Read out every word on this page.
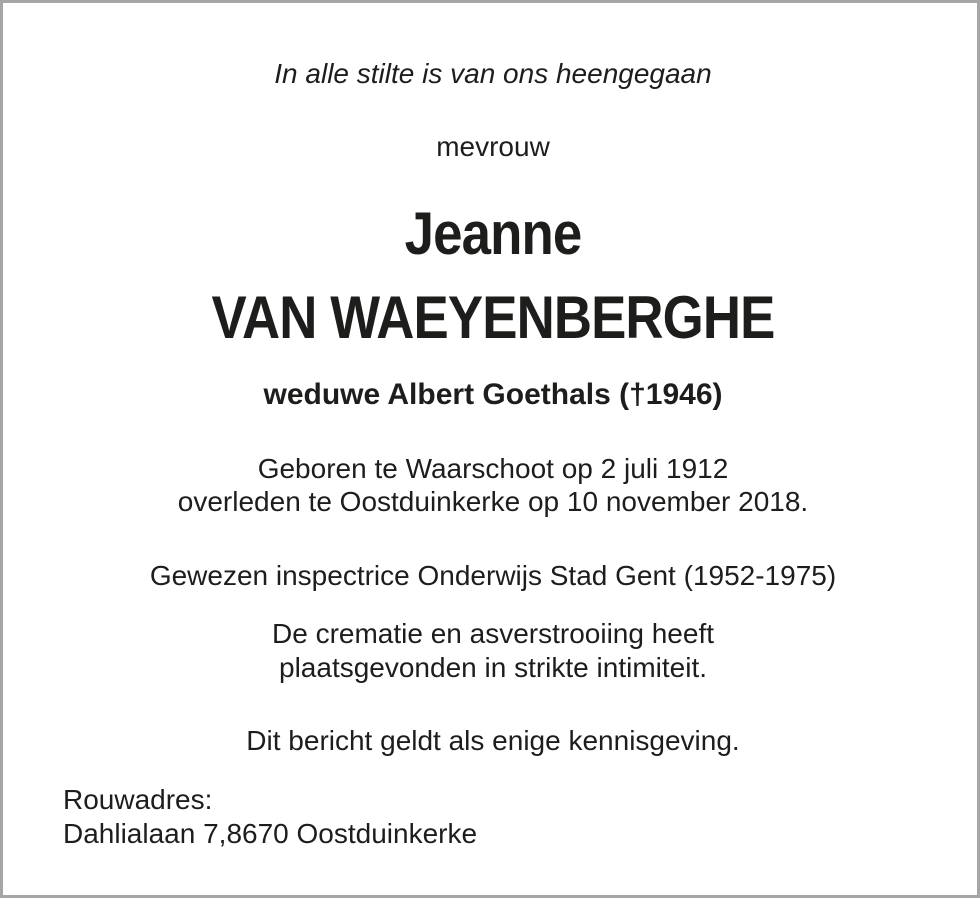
In alle stilte is van ons heengegaan

mevrouw

Jeanne

VAN WAEYENBERGHE

weduwe Albert Goethals (†1946)

Geboren te Waarschoot op 2 juli 1912

overleden te Oostduinkerke op 10 november 2018.

Gewezen inspectrice Onderwijs Stad Gent (1952-1975)

De crematie en asverstrooiing heeft

plaatsgevonden in strikte intimiteit.

Dit bericht geldt als enige kennisgeving.

Rouwadres:

Dahlialaan 7,8670 Oostduinkerke
